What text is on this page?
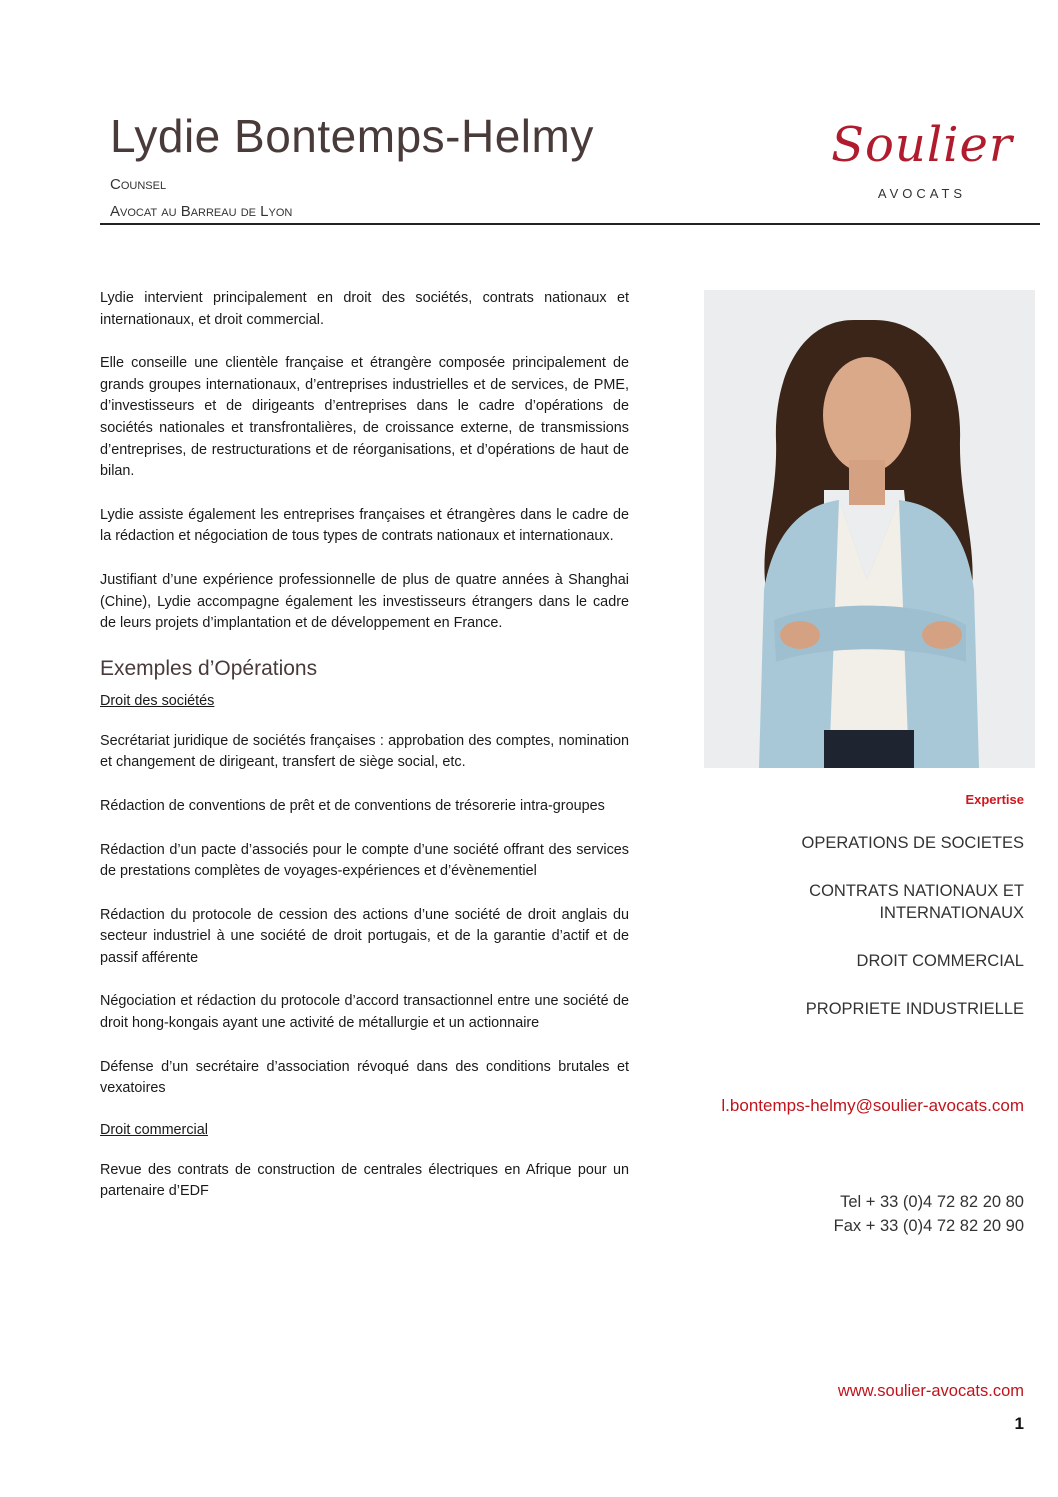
Lydie Bontemps-Helmy
Counsel
Avocat au Barreau de Lyon
Soulier
AVOCATS

Lydie intervient principalement en droit des sociétés, contrats nationaux et internationaux, et droit commercial.

Elle conseille une clientèle française et étrangère composée principalement de grands groupes internationaux, d’entreprises industrielles et de services, de PME, d’investisseurs et de dirigeants d’entreprises dans le cadre d’opérations de sociétés nationales et transfrontalières, de croissance externe, de transmissions d’entreprises, de restructurations et de réorganisations, et d’opérations de haut de bilan.

Lydie assiste également les entreprises françaises et étrangères dans le cadre de la rédaction et négociation de tous types de contrats nationaux et internationaux.

Justifiant d’une expérience professionnelle de plus de quatre années à Shanghai (Chine), Lydie accompagne également les investisseurs étrangers dans le cadre de leurs projets d’implantation et de développement en France.

Exemples d’Opérations
Droit des sociétés

Secrétariat juridique de sociétés françaises : approbation des comptes, nomination et changement de dirigeant, transfert de siège social, etc.

Rédaction de conventions de prêt et de conventions de trésorerie intra-groupes

Rédaction d’un pacte d’associés pour le compte d’une société offrant des services de prestations complètes de voyages-expériences et d’évènementiel

Rédaction du protocole de cession des actions d’une société de droit anglais du secteur industriel à une société de droit portugais, et de la garantie d’actif et de passif afférente

Négociation et rédaction du protocole d’accord transactionnel entre une société de droit hong-kongais ayant une activité de métallurgie et un actionnaire

Défense d’un secrétaire d’association révoqué dans des conditions brutales et vexatoires

Droit commercial

Revue des contrats de construction de centrales électriques en Afrique pour un partenaire d’EDF

Expertise
OPERATIONS DE SOCIETES
CONTRATS NATIONAUX ET INTERNATIONAUX
DROIT COMMERCIAL
PROPRIETE INDUSTRIELLE
l.bontemps-helmy@soulier-avocats.com
Tel + 33 (0)4 72 82 20 80
Fax + 33 (0)4 72 82 20 90
www.soulier-avocats.com
1
